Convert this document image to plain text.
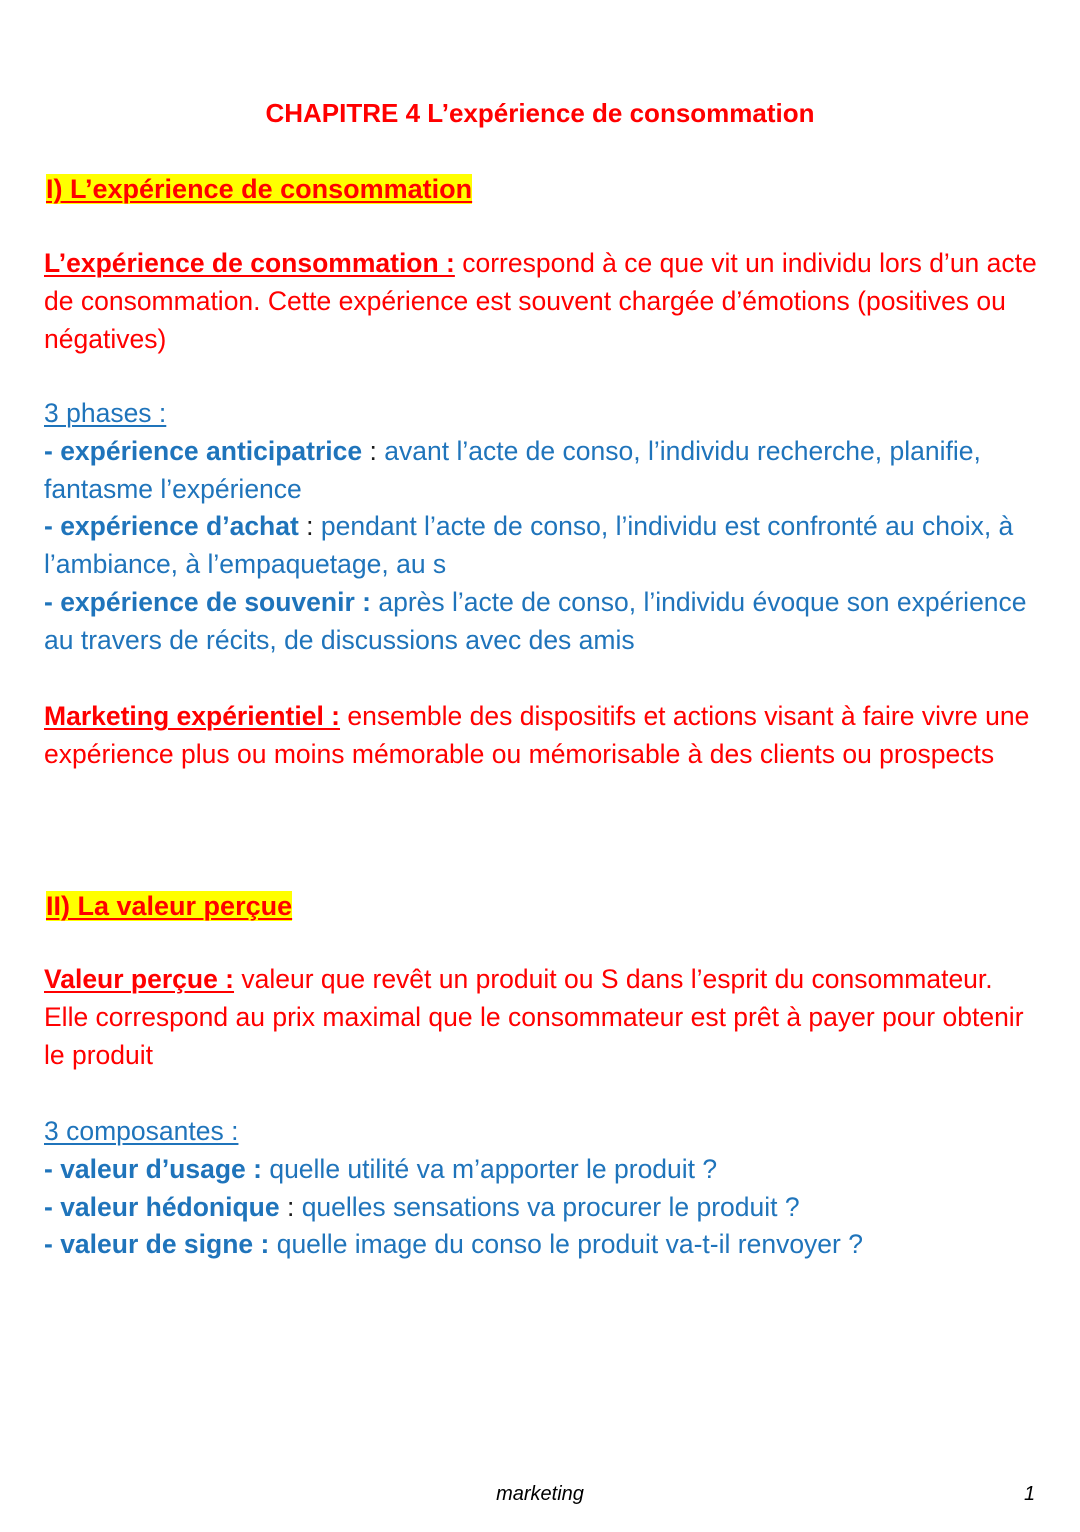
CHAPITRE 4 L’expérience de consommation
I) L’expérience de consommation

L’expérience de consommation : correspond à ce que vit un individu lors d’un acte de consommation. Cette expérience est souvent chargée d’émotions (positives ou négatives)

3 phases :

- expérience anticipatrice : avant l’acte de conso, l’individu recherche, planifie, fantasme l’expérience

- expérience d’achat : pendant l’acte de conso, l’individu est confronté au choix, à l’ambiance, à l’empaquetage, au s

- expérience de souvenir : après l’acte de conso, l’individu évoque son expérience au travers de récits, de discussions avec des amis

Marketing expérientiel : ensemble des dispositifs et actions visant à faire vivre une expérience plus ou moins mémorable ou mémorisable à des clients ou prospects

II) La valeur perçue

Valeur perçue : valeur que revêt un produit ou S dans l’esprit du consommateur. Elle correspond au prix maximal que le consommateur est prêt à payer pour obtenir le produit

3 composantes :

- valeur d’usage : quelle utilité va m’apporter le produit ?

- valeur hédonique : quelles sensations va procurer le produit ?

- valeur de signe : quelle image du conso le produit va-t-il renvoyer ?

marketing	1
